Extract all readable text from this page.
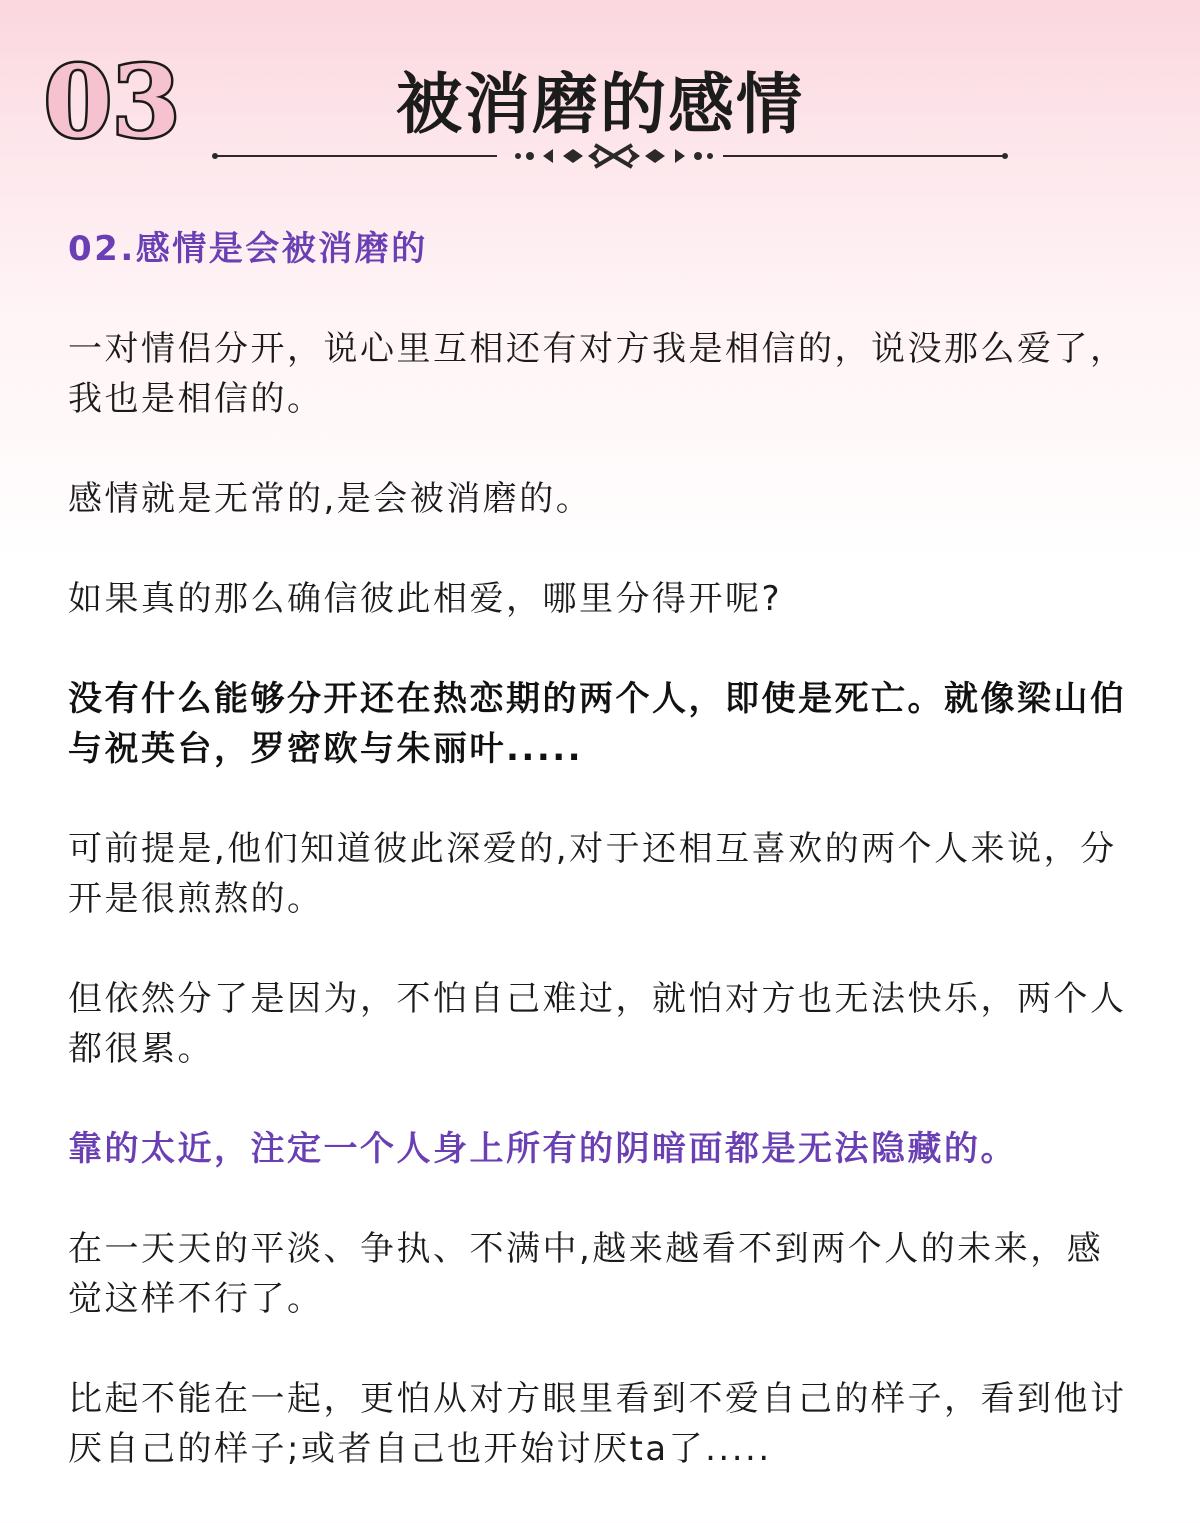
03	被消磨的感情

02.感情是会被消磨的

一对情侣分开，说心里互相还有对方我是相信的，说没那么爱了，我也是相信的。

感情就是无常的,是会被消磨的。

如果真的那么确信彼此相爱，哪里分得开呢?

没有什么能够分开还在热恋期的两个人，即使是死亡。就像梁山伯与祝英台，罗密欧与朱丽叶.....

可前提是,他们知道彼此深爱的,对于还相互喜欢的两个人来说，分开是很煎熬的。

但依然分了是因为，不怕自己难过，就怕对方也无法快乐，两个人都很累。

靠的太近，注定一个人身上所有的阴暗面都是无法隐藏的。

在一天天的平淡、争执、不满中,越来越看不到两个人的未来，感觉这样不行了。

比起不能在一起，更怕从对方眼里看到不爱自己的样子，看到他讨厌自己的样子;或者自己也开始讨厌ta了.....
